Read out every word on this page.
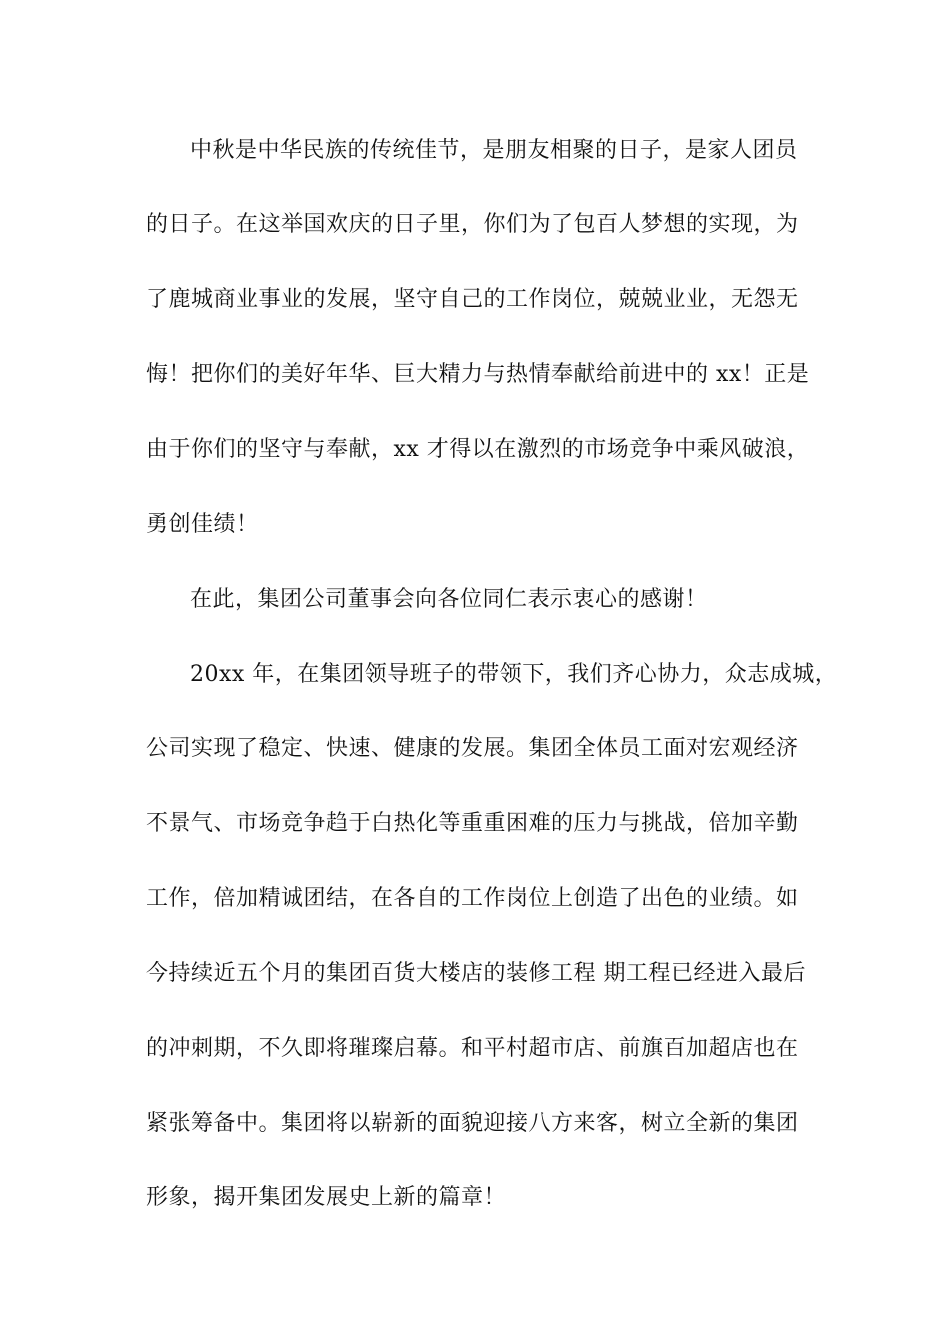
中秋是中华民族的传统佳节，是朋友相聚的日子，是家人团员
的日子。在这举国欢庆的日子里，你们为了包百人梦想的实现，为
了鹿城商业事业的发展，坚守自己的工作岗位，兢兢业业，无怨无
悔！把你们的美好年华、巨大精力与热情奉献给前进中的 xx！正是
由于你们的坚守与奉献，xx 才得以在激烈的市场竞争中乘风破浪，
勇创佳绩！
在此，集团公司董事会向各位同仁表示衷心的感谢！
20xx 年，在集团领导班子的带领下，我们齐心协力，众志成城，
公司实现了稳定、快速、健康的发展。集团全体员工面对宏观经济
不景气、市场竞争趋于白热化等重重困难的压力与挑战，倍加辛勤
工作，倍加精诚团结，在各自的工作岗位上创造了出色的业绩。如
今持续近五个月的集团百货大楼店的装修工程 期工程已经进入最后
的冲刺期，不久即将璀璨启幕。和平村超市店、前旗百加超店也在
紧张筹备中。集团将以崭新的面貌迎接八方来客，树立全新的集团
形象，揭开集团发展史上新的篇章！
